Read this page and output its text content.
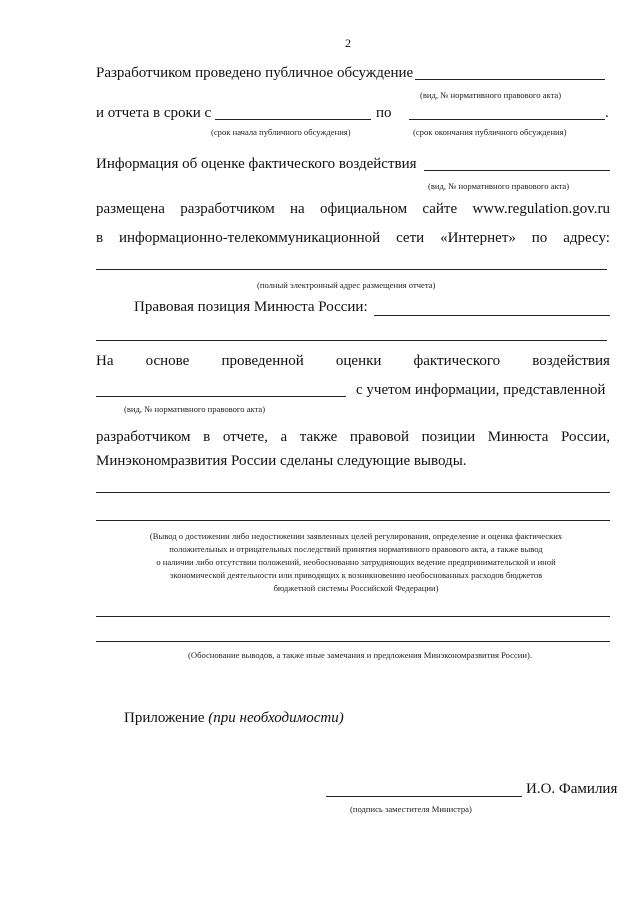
2
Разработчиком проведено публичное обсуждение
(вид, № нормативного правового акта)
и отчета в сроки с	по	.
(срок начала публичного обсуждения)	(срок окончания публичного обсуждения)
Информация об оценке фактического воздействия
(вид, № нормативного правового акта)
размещена разработчиком на официальном сайте www.regulation.gov.ru
в информационно-телекоммуникационной сети «Интернет» по адресу:
(полный электронный адрес размещения отчета)
Правовая позиция Минюста России:
На основе проведенной оценки фактического воздействия
с учетом информации, представленной
(вид, № нормативного правового акта)
разработчиком в отчете, а также правовой позиции Минюста России,
Минэкономразвития России сделаны следующие выводы.
(Вывод о достижении либо недостижении заявленных целей регулирования, определение и оценка фактических
положительных и отрицательных последствий принятия нормативного правового акта, а также вывод
о наличии либо отсутствии положений, необоснованно затрудняющих ведение предпринимательской и иной
экономической деятельности или приводящих к возникновению необоснованных расходов бюджетов
бюджетной системы Российской Федерации)
(Обоснование выводов, а также иные замечания и предложения Минэкономразвития России).
Приложение (при необходимости)
И.О. Фамилия
(подпись заместителя Министра)
